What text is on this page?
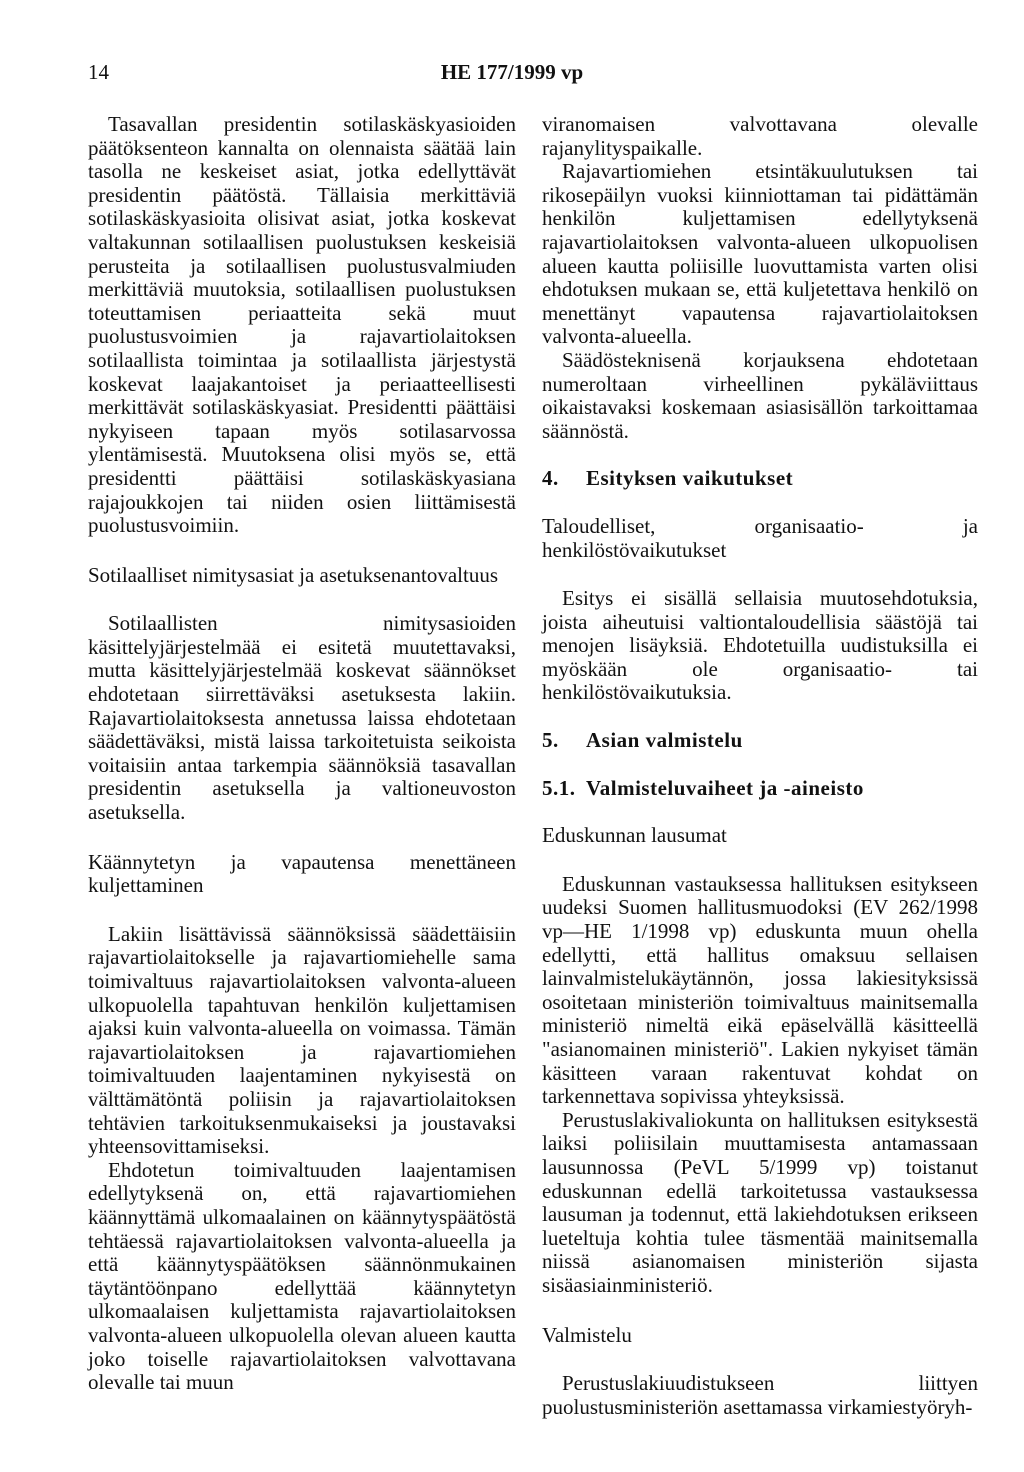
14	HE 177/1999 vp

Tasavallan presidentin sotilaskäskyasioiden päätöksenteon kannalta on olennaista säätää lain tasolla ne keskeiset asiat, jotka edellyttävät presidentin päätöstä. Tällaisia merkittäviä sotilaskäskyasioita olisivat asiat, jotka koskevat valtakunnan sotilaallisen puolustuksen keskeisiä perusteita ja sotilaallisen puolustusvalmiuden merkittäviä muutoksia, sotilaallisen puolustuksen toteuttamisen periaatteita sekä muut puolustusvoimien ja rajavartiolaitoksen sotilaallista toimintaa ja sotilaallista järjestystä koskevat laajakantoiset ja periaatteellisesti merkittävät sotilaskäskyasiat. Presidentti päättäisi nykyiseen tapaan myös sotilasarvossa ylentämisestä. Muutoksena olisi myös se, että presidentti päättäisi sotilaskäskyasiana rajajoukkojen tai niiden osien liittämisestä puolustusvoimiin.

Sotilaalliset nimitysasiat ja asetuksenantovaltuus

Sotilaallisten nimitysasioiden käsittelyjärjestelmää ei esitetä muutettavaksi, mutta käsittelyjärjestelmää koskevat säännökset ehdotetaan siirrettäväksi asetuksesta lakiin. Rajavartiolaitoksesta annetussa laissa ehdotetaan säädettäväksi, mistä laissa tarkoitetuista seikoista voitaisiin antaa tarkempia säännöksiä tasavallan presidentin asetuksella ja valtioneuvoston asetuksella.

Käännytetyn ja vapautensa menettäneen kuljettaminen

Lakiin lisättävissä säännöksissä säädettäisiin rajavartiolaitokselle ja rajavartiomiehelle sama toimivaltuus rajavartiolaitoksen valvonta-alueen ulkopuolella tapahtuvan henkilön kuljettamisen ajaksi kuin valvonta-alueella on voimassa. Tämän rajavartiolaitoksen ja rajavartiomiehen toimivaltuuden laajentaminen nykyisestä on välttämätöntä poliisin ja rajavartiolaitoksen tehtävien tarkoituksenmukaiseksi ja joustavaksi yhteensovittamiseksi.

Ehdotetun toimivaltuuden laajentamisen edellytyksenä on, että rajavartiomiehen käännyttämä ulkomaalainen on käännytyspäätöstä tehtäessä rajavartiolaitoksen valvonta-alueella ja että käännytyspäätöksen säännönmukainen täytäntöönpano edellyttää käännytetyn ulkomaalaisen kuljettamista rajavartiolaitoksen valvonta-alueen ulkopuolella olevan alueen kautta joko toiselle rajavartiolaitoksen valvottavana olevalle tai muun

viranomaisen valvottavana olevalle rajanylityspaikalle.

Rajavartiomiehen etsintäkuulutuksen tai rikosepäilyn vuoksi kiinniottaman tai pidättämän henkilön kuljettamisen edellytyksenä rajavartiolaitoksen valvonta-alueen ulkopuolisen alueen kautta poliisille luovuttamista varten olisi ehdotuksen mukaan se, että kuljetettava henkilö on menettänyt vapautensa rajavartiolaitoksen valvonta-alueella.

Säädösteknisenä korjauksena ehdotetaan numeroltaan virheellinen pykäläviittaus oikaistavaksi koskemaan asiasisällön tarkoittamaa säännöstä.

4. Esityksen vaikutukset

Taloudelliset, organisaatio- ja henkilöstövaikutukset

Esitys ei sisällä sellaisia muutosehdotuksia, joista aiheutuisi valtiontaloudellisia säästöjä tai menojen lisäyksiä. Ehdotetuilla uudistuksilla ei myöskään ole organisaatio- tai henkilöstövaikutuksia.

5. Asian valmistelu

5.1. Valmisteluvaiheet ja -aineisto

Eduskunnan lausumat

Eduskunnan vastauksessa hallituksen esitykseen uudeksi Suomen hallitusmuodoksi (EV 262/1998 vp—HE 1/1998 vp) eduskunta muun ohella edellytti, että hallitus omaksuu sellaisen lainvalmistelukäytännön, jossa lakiesityksissä osoitetaan ministeriön toimivaltuus mainitsemalla ministeriö nimeltä eikä epäselvällä käsitteellä "asianomainen ministeriö". Lakien nykyiset tämän käsitteen varaan rakentuvat kohdat on tarkennettava sopivissa yhteyksissä.

Perustuslakivaliokunta on hallituksen esityksestä laiksi poliisilain muuttamisesta antamassaan lausunnossa (PeVL 5/1999 vp) toistanut eduskunnan edellä tarkoitetussa vastauksessa lausuman ja todennut, että lakiehdotuksen erikseen lueteltuja kohtia tulee täsmentää mainitsemalla niissä asianomaisen ministeriön sijasta sisäasiainministeriö.

Valmistelu

Perustuslakiuudistukseen liittyen puolustusministeriön asettamassa virkamiestyöryh-
